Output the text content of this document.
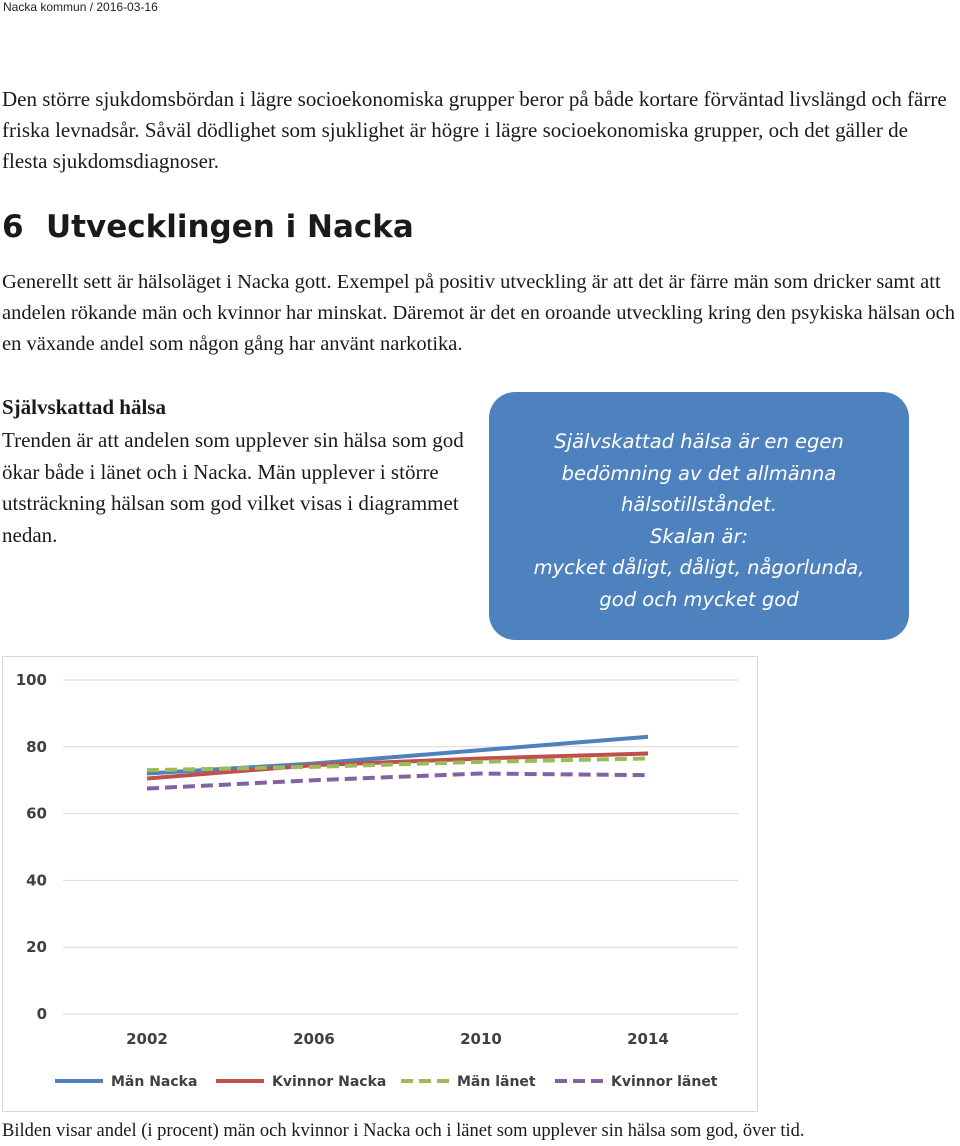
Nacka kommun / 2016-03-16

Den större sjukdomsbördan i lägre socioekonomiska grupper beror på både kortare förväntad livslängd och färre friska levnadsår. Såväl dödlighet som sjuklighet är högre i lägre socioekonomiska grupper, och det gäller de flesta sjukdomsdiagnoser.

6 Utvecklingen i Nacka

Generellt sett är hälsoläget i Nacka gott. Exempel på positiv utveckling är att det är färre män som dricker samt att andelen rökande män och kvinnor har minskat. Däremot är det en oroande utveckling kring den psykiska hälsan och en växande andel som någon gång har använt narkotika.

Självskattad hälsa

Trenden är att andelen som upplever sin hälsa som god ökar både i länet och i Nacka. Män upplever i större utsträckning hälsan som god vilket visas i diagrammet nedan.

Självskattad hälsa är en egen
bedömning av det allmänna
hälsotillståndet.
Skalan är:
mycket dåligt, dåligt, någorlunda,
god och mycket god
0
20
40
60
80
100
2002	2006	2010	2014
Män Nacka	Kvinnor Nacka	Män länet	Kvinnor länet

Bilden visar andel (i procent) män och kvinnor i Nacka och i länet som upplever sin hälsa som god, över tid.
